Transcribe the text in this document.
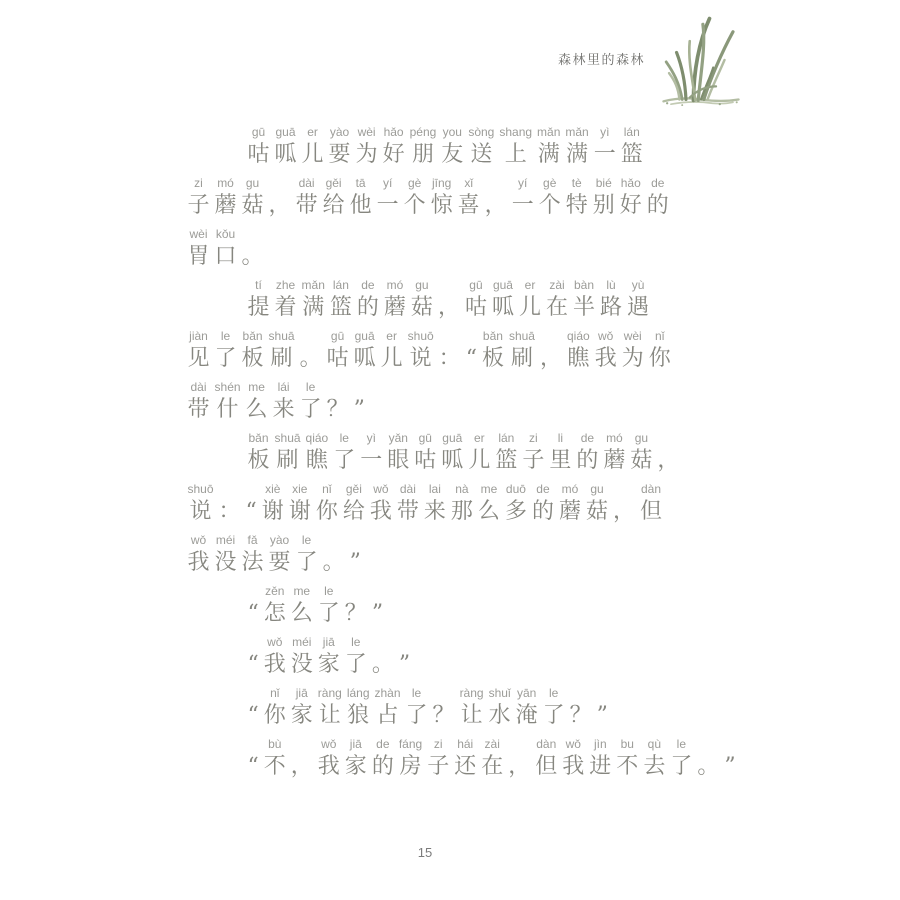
森林里的森林
gū
咕
guā
呱
er
儿
yào
要
wèi
为
hǎo
好
péng
朋
you
友
sòng
送
shang
上
mǎn
满
mǎn
满
yì
一
lán
篮
zi
子
mó
蘑
gu
菇 ，
dài
带
gěi
给
tā
他
yí
一
gè
个
jīng
惊
xǐ
喜 ，
yí
一
gè
个
tè
特
bié
别
hǎo
好
de
的
wèi
胃
kǒu
口 。
tí
提
zhe
着
mǎn
满
lán
篮
de
的
mó
蘑
gu
菇 ，
gū
咕
guā
呱
er
儿
zài
在
bàn
半
lù
路
yù
遇
jiàn
见
le
了
bǎn
板
shuā
刷 。
gū
咕
guā
呱
er
儿
shuō
说 ： “
bǎn
板
shuā
刷 ，
qiáo
瞧
wǒ
我
wèi
为
nǐ
你
dài
带
shén
什
me
么
lái
来
le
了 ？ ”
bǎn
板
shuā
刷
qiáo
瞧
le
了
yì
一
yǎn
眼
gū
咕
guā
呱
er
儿
lán
篮
zi
子
li
里
de
的
mó
蘑
gu
菇 ，
shuō
说 ： “
xiè
谢
xie
谢
nǐ
你
gěi
给
wǒ
我
dài
带
lai
来
nà
那
me
么
duō
多
de
的
mó
蘑
gu
菇 ，
dàn
但
wǒ
我
méi
没
fǎ
法
yào
要
le
了 。 ”
“
zěn
怎
me
么
le
了 ？ ”
“
wǒ
我
méi
没
jiā
家
le
了 。 ”
“
nǐ
你
jiā
家
ràng
让
láng
狼
zhàn
占
le
了 ？
ràng
让
shuǐ
水
yān
淹
le
了 ？ ”
“
bù
不 ，
wǒ
我
jiā
家
de
的
fáng
房
zi
子
hái
还
zài
在 ，
dàn
但
wǒ
我
jìn
进
bu
不
qù
去
le
了 。 ”
15
